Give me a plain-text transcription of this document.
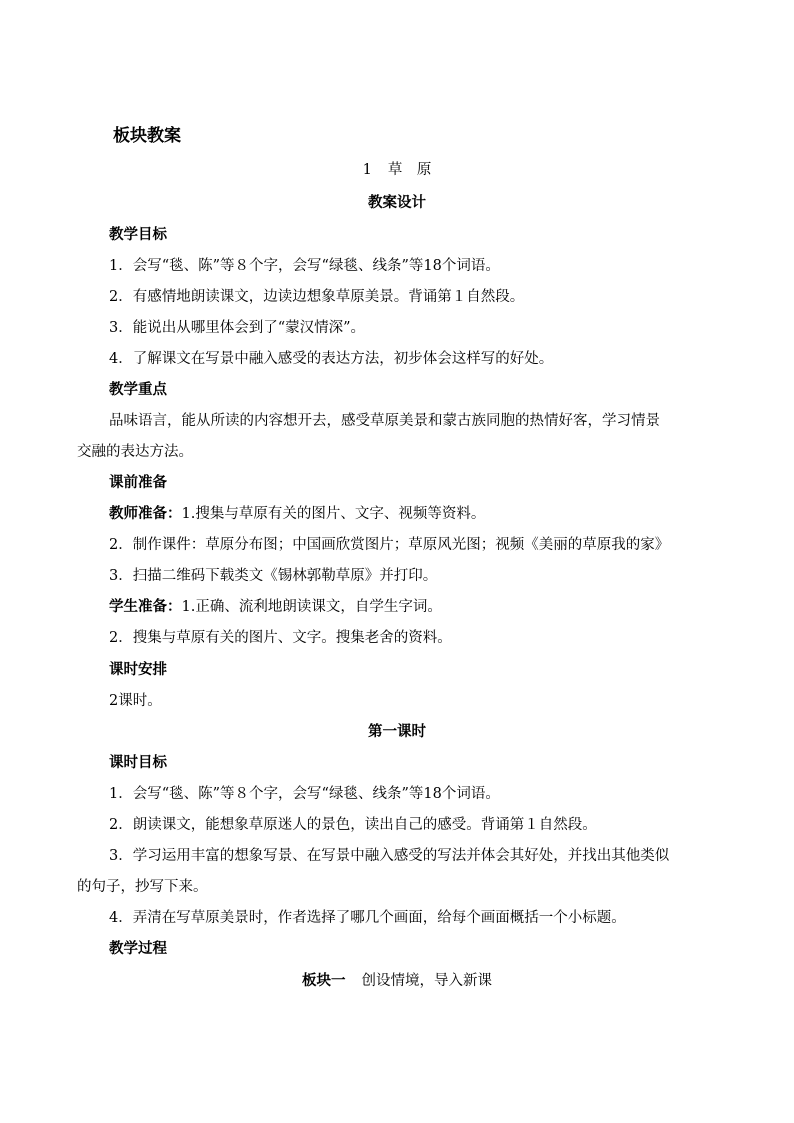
板块教案
1 草　原
教案设计
教学目标
1．会写“毯、陈”等８个字，会写“绿毯、线条”等18个词语。
2．有感情地朗读课文，边读边想象草原美景。背诵第１自然段。
3．能说出从哪里体会到了“蒙汉情深”。
4．了解课文在写景中融入感受的表达方法，初步体会这样写的好处。
教学重点
品味语言，能从所读的内容想开去，感受草原美景和蒙古族同胞的热情好客，学习情景
交融的表达方法。
课前准备
教师准备：1.搜集与草原有关的图片、文字、视频等资料。
2．制作课件：草原分布图；中国画欣赏图片；草原风光图；视频《美丽的草原我的家》
3．扫描二维码下载类文《锡林郭勒草原》并打印。
学生准备：1.正确、流利地朗读课文，自学生字词。
2．搜集与草原有关的图片、文字。搜集老舍的资料。
课时安排
2课时。
第一课时
课时目标
1．会写“毯、陈”等８个字，会写“绿毯、线条”等18个词语。
2．朗读课文，能想象草原迷人的景色，读出自己的感受。背诵第１自然段。
3．学习运用丰富的想象写景、在写景中融入感受的写法并体会其好处，并找出其他类似
的句子，抄写下来。
4．弄清在写草原美景时，作者选择了哪几个画面，给每个画面概括一个小标题。
教学过程
板块一 创设情境，导入新课
